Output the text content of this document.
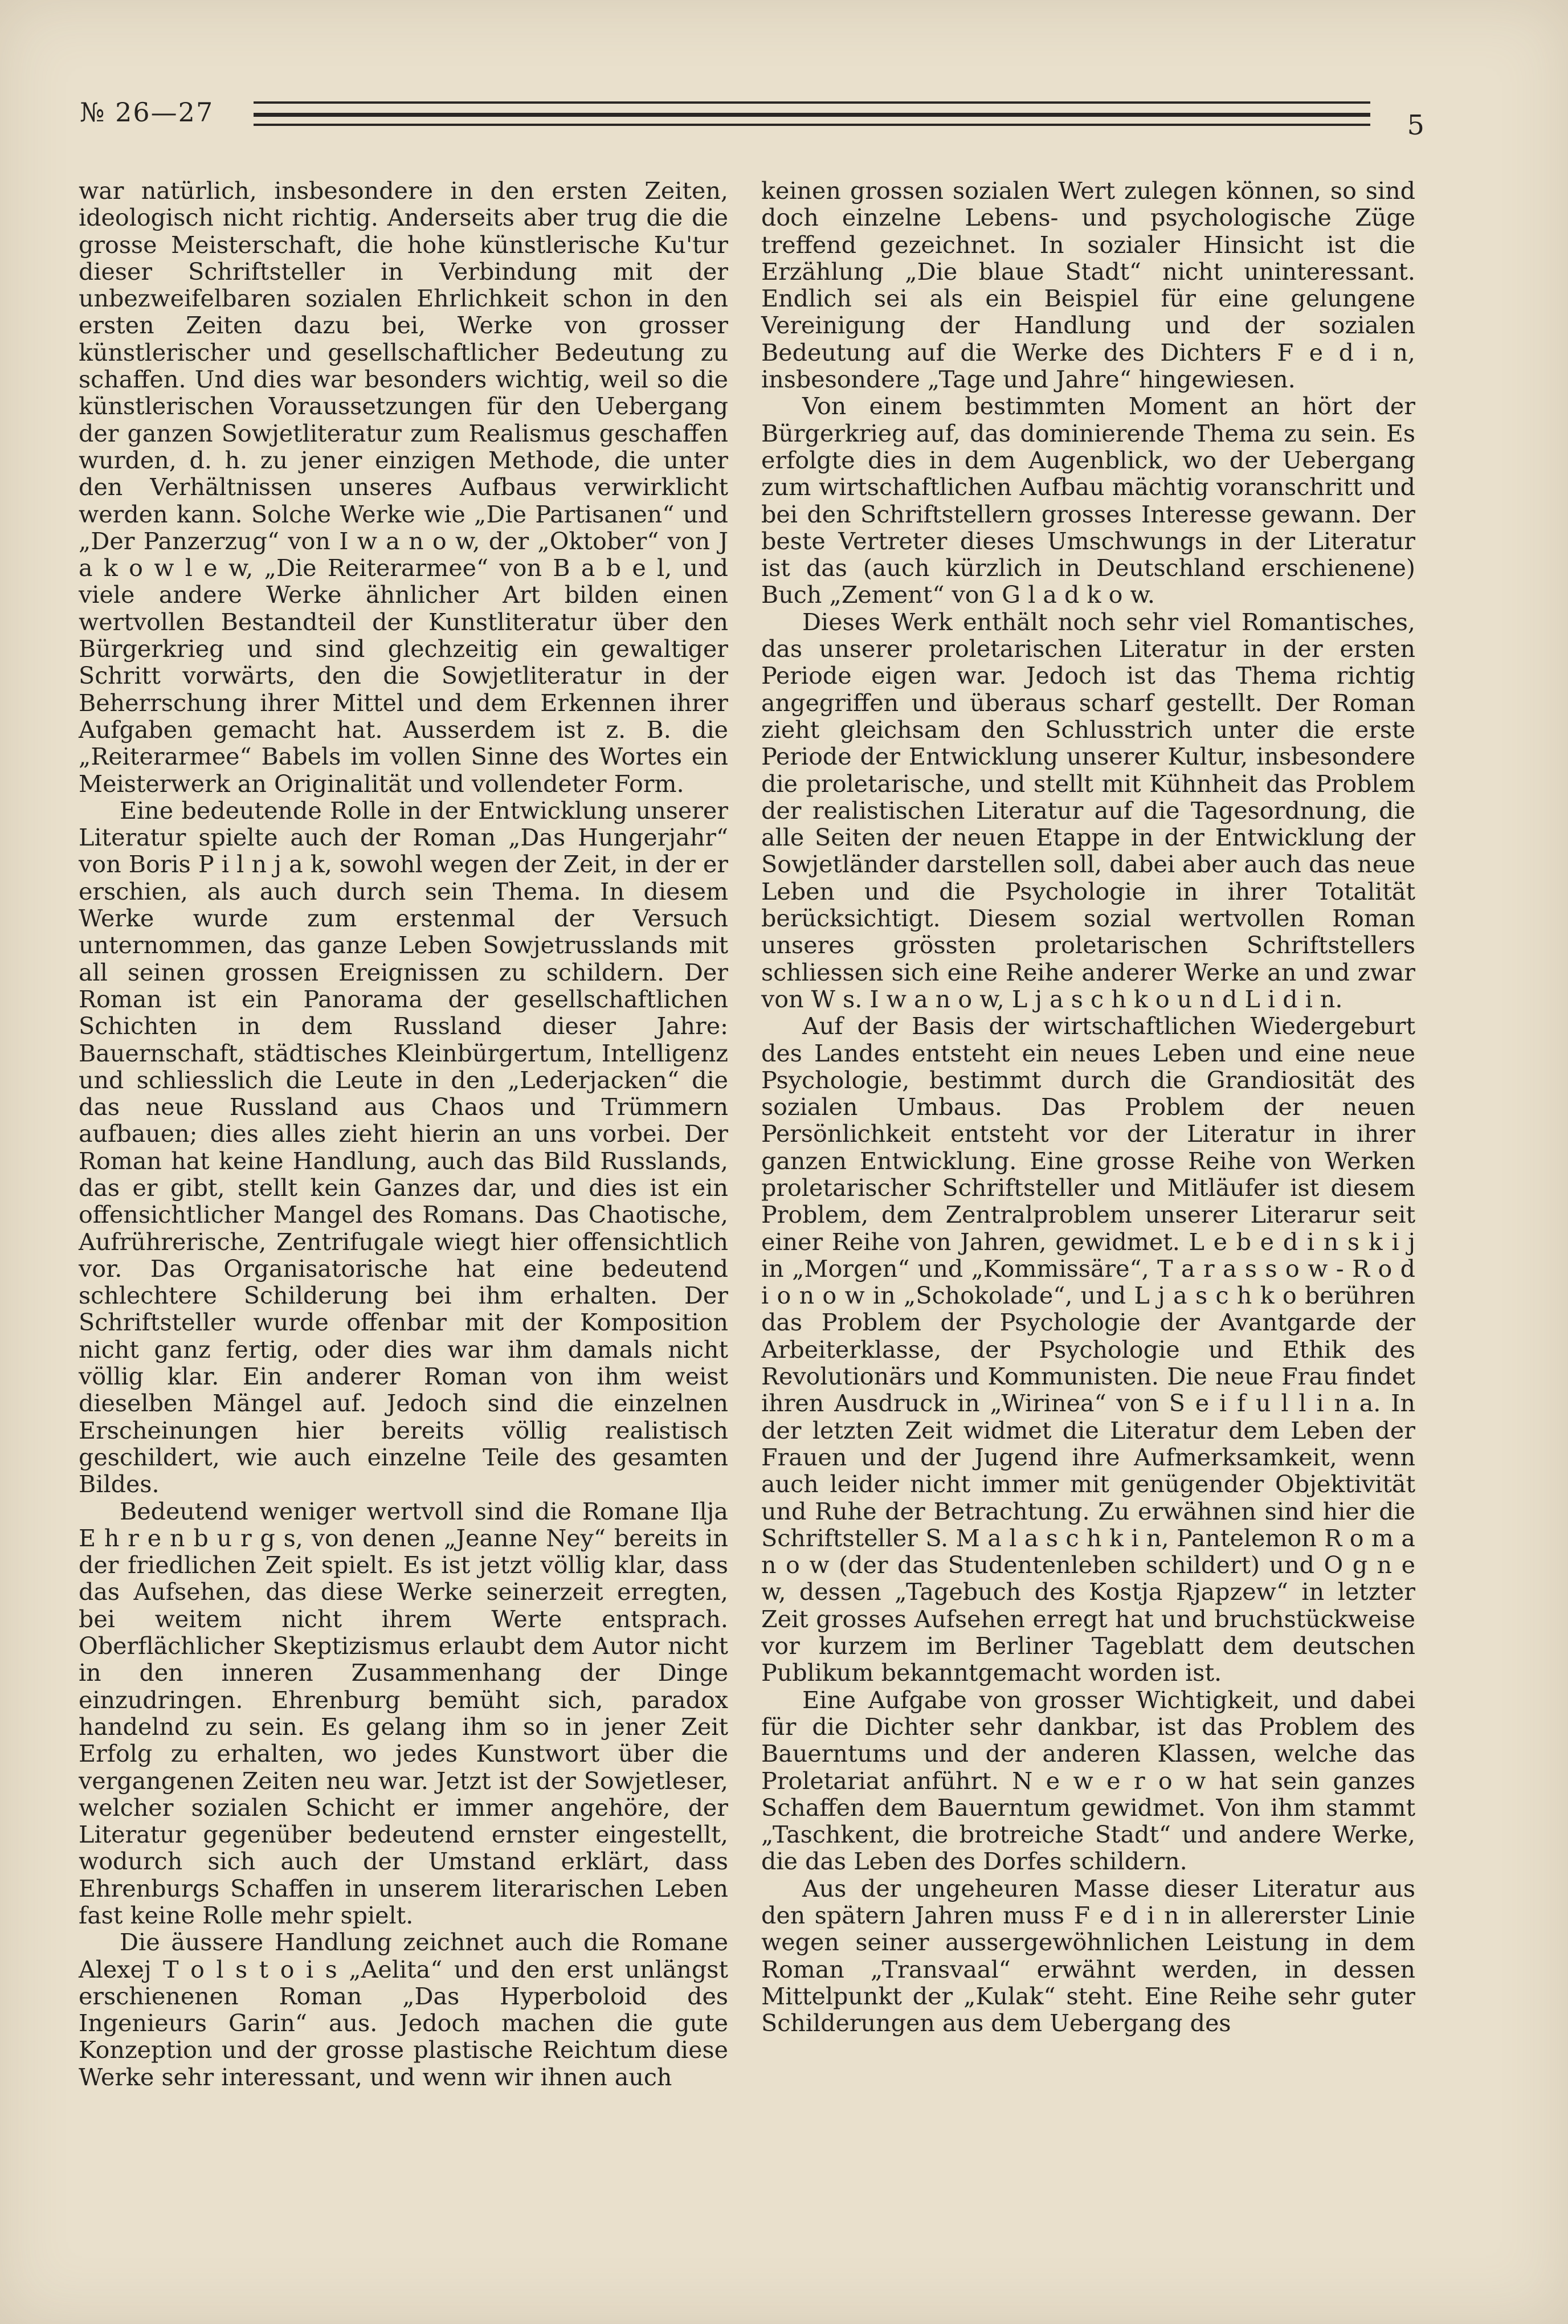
№ 26—27	5

war natürlich, insbesondere in den ersten Zeiten, ideologisch nicht richtig. Anderseits aber trug die die grosse Meisterschaft, die hohe künstlerische Ku'tur dieser Schriftsteller in Verbindung mit der unbezweifelbaren sozialen Ehrlichkeit schon in den ersten Zeiten dazu bei, Werke von grosser künstlerischer und gesellschaftlicher Bedeutung zu schaffen. Und dies war besonders wichtig, weil so die künstlerischen Voraussetzungen für den Uebergang der ganzen Sowjetliteratur zum Realismus geschaffen wurden, d. h. zu jener einzigen Methode, die unter den Verhältnissen unseres Aufbaus verwirklicht werden kann. Solche Werke wie „Die Partisanen“ und „Der Panzerzug“ von I w a n o w, der „Oktober“ von J a k o w l e w, „Die Reiterarmee“ von B a b e l, und viele andere Werke ähnlicher Art bilden einen wertvollen Bestandteil der Kunstliteratur über den Bürgerkrieg und sind glechzeitig ein gewaltiger Schritt vorwärts, den die Sowjetliteratur in der Beherrschung ihrer Mittel und dem Erkennen ihrer Aufgaben gemacht hat. Ausserdem ist z. B. die „Reiterarmee“ Babels im vollen Sinne des Wortes ein Meisterwerk an Originalität und vollendeter Form.

Eine bedeutende Rolle in der Entwicklung unserer Literatur spielte auch der Roman „Das Hungerjahr“ von Boris P i l n j a k, sowohl wegen der Zeit, in der er erschien, als auch durch sein Thema. In diesem Werke wurde zum erstenmal der Versuch unternommen, das ganze Leben Sowjetrusslands mit all seinen grossen Ereignissen zu schildern. Der Roman ist ein Panorama der gesellschaftlichen Schichten in dem Russland dieser Jahre: Bauernschaft, städtisches Kleinbürgertum, Intelligenz und schliesslich die Leute in den „Lederjacken“ die das neue Russland aus Chaos und Trümmern aufbauen; dies alles zieht hierin an uns vorbei. Der Roman hat keine Handlung, auch das Bild Russlands, das er gibt, stellt kein Ganzes dar, und dies ist ein offensichtlicher Mangel des Romans. Das Chaotische, Aufrührerische, Zentrifugale wiegt hier offensichtlich vor. Das Organisatorische hat eine bedeutend schlechtere Schilderung bei ihm erhalten. Der Schriftsteller wurde offenbar mit der Komposition nicht ganz fertig, oder dies war ihm damals nicht völlig klar. Ein anderer Roman von ihm weist dieselben Mängel auf. Jedoch sind die einzelnen Erscheinungen hier bereits völlig realistisch geschildert, wie auch einzelne Teile des gesamten Bildes.

Bedeutend weniger wertvoll sind die Romane Ilja E h r e n b u r g s, von denen „Jeanne Ney“ bereits in der friedlichen Zeit spielt. Es ist jetzt völlig klar, dass das Aufsehen, das diese Werke seinerzeit erregten, bei weitem nicht ihrem Werte entsprach. Oberflächlicher Skeptizismus erlaubt dem Autor nicht in den inneren Zusammenhang der Dinge einzudringen. Ehrenburg bemüht sich, paradox handelnd zu sein. Es gelang ihm so in jener Zeit Erfolg zu erhalten, wo jedes Kunstwort über die vergangenen Zeiten neu war. Jetzt ist der Sowjetleser, welcher sozialen Schicht er immer angehöre, der Literatur gegenüber bedeutend ernster eingestellt, wodurch sich auch der Umstand erklärt, dass Ehrenburgs Schaffen in unserem literarischen Leben fast keine Rolle mehr spielt.

Die äussere Handlung zeichnet auch die Romane Alexej T o l s t o i s „Aelita“ und den erst unlängst erschienenen Roman „Das Hyperboloid des Ingenieurs Garin“ aus. Jedoch machen die gute Konzeption und der grosse plastische Reichtum diese Werke sehr interessant, und wenn wir ihnen auch

keinen grossen sozialen Wert zulegen können, so sind doch einzelne Lebens- und psychologische Züge treffend gezeichnet. In sozialer Hinsicht ist die Erzählung „Die blaue Stadt“ nicht uninteressant. Endlich sei als ein Beispiel für eine gelungene Vereinigung der Handlung und der sozialen Bedeutung auf die Werke des Dichters F e d i n, insbesondere „Tage und Jahre“ hingewiesen.

Von einem bestimmten Moment an hört der Bürgerkrieg auf, das dominierende Thema zu sein. Es erfolgte dies in dem Augenblick, wo der Uebergang zum wirtschaftlichen Aufbau mächtig voranschritt und bei den Schriftstellern grosses Interesse gewann. Der beste Vertreter dieses Umschwungs in der Literatur ist das (auch kürzlich in Deutschland erschienene) Buch „Zement“ von G l a d k o w.

Dieses Werk enthält noch sehr viel Romantisches, das unserer proletarischen Literatur in der ersten Periode eigen war. Jedoch ist das Thema richtig angegriffen und überaus scharf gestellt. Der Roman zieht gleichsam den Schlusstrich unter die erste Periode der Entwicklung unserer Kultur, insbesondere die proletarische, und stellt mit Kühnheit das Problem der realistischen Literatur auf die Tagesordnung, die alle Seiten der neuen Etappe in der Entwicklung der Sowjetländer darstellen soll, dabei aber auch das neue Leben und die Psychologie in ihrer Totalität berücksichtigt. Diesem sozial wertvollen Roman unseres grössten proletarischen Schriftstellers schliessen sich eine Reihe anderer Werke an und zwar von W s. I w a n o w, L j a s c h k o u n d L i d i n.

Auf der Basis der wirtschaftlichen Wiedergeburt des Landes entsteht ein neues Leben und eine neue Psychologie, bestimmt durch die Grandiosität des sozialen Umbaus. Das Problem der neuen Persönlichkeit entsteht vor der Literatur in ihrer ganzen Entwicklung. Eine grosse Reihe von Werken proletarischer Schriftsteller und Mitläufer ist diesem Problem, dem Zentralproblem unserer Literarur seit einer Reihe von Jahren, gewidmet. L e b e d i n s k i j in „Morgen“ und „Kommissäre“, T a r a s s o w - R o d i o n o w in „Schokolade“, und L j a s c h k o berühren das Problem der Psychologie der Avantgarde der Arbeiterklasse, der Psychologie und Ethik des Revolutionärs und Kommunisten. Die neue Frau findet ihren Ausdruck in „Wirinea“ von S e i f u l l i n a. In der letzten Zeit widmet die Literatur dem Leben der Frauen und der Jugend ihre Aufmerksamkeit, wenn auch leider nicht immer mit genügender Objektivität und Ruhe der Betrachtung. Zu erwähnen sind hier die Schriftsteller S. M a l a s c h k i n, Pantelemon R o m a n o w (der das Studentenleben schildert) und O g n e w, dessen „Tagebuch des Kostja Rjapzew“ in letzter Zeit grosses Aufsehen erregt hat und bruchstückweise vor kurzem im Berliner Tageblatt dem deutschen Publikum bekanntgemacht worden ist.

Eine Aufgabe von grosser Wichtigkeit, und dabei für die Dichter sehr dankbar, ist das Problem des Bauerntums und der anderen Klassen, welche das Proletariat anführt. N e w e r o w hat sein ganzes Schaffen dem Bauerntum gewidmet. Von ihm stammt „Taschkent, die brotreiche Stadt“ und andere Werke, die das Leben des Dorfes schildern.

Aus der ungeheuren Masse dieser Literatur aus den spätern Jahren muss F e d i n in allererster Linie wegen seiner aussergewöhnlichen Leistung in dem Roman „Transvaal“ erwähnt werden, in dessen Mittelpunkt der „Kulak“ steht. Eine Reihe sehr guter Schilderungen aus dem Uebergang des
